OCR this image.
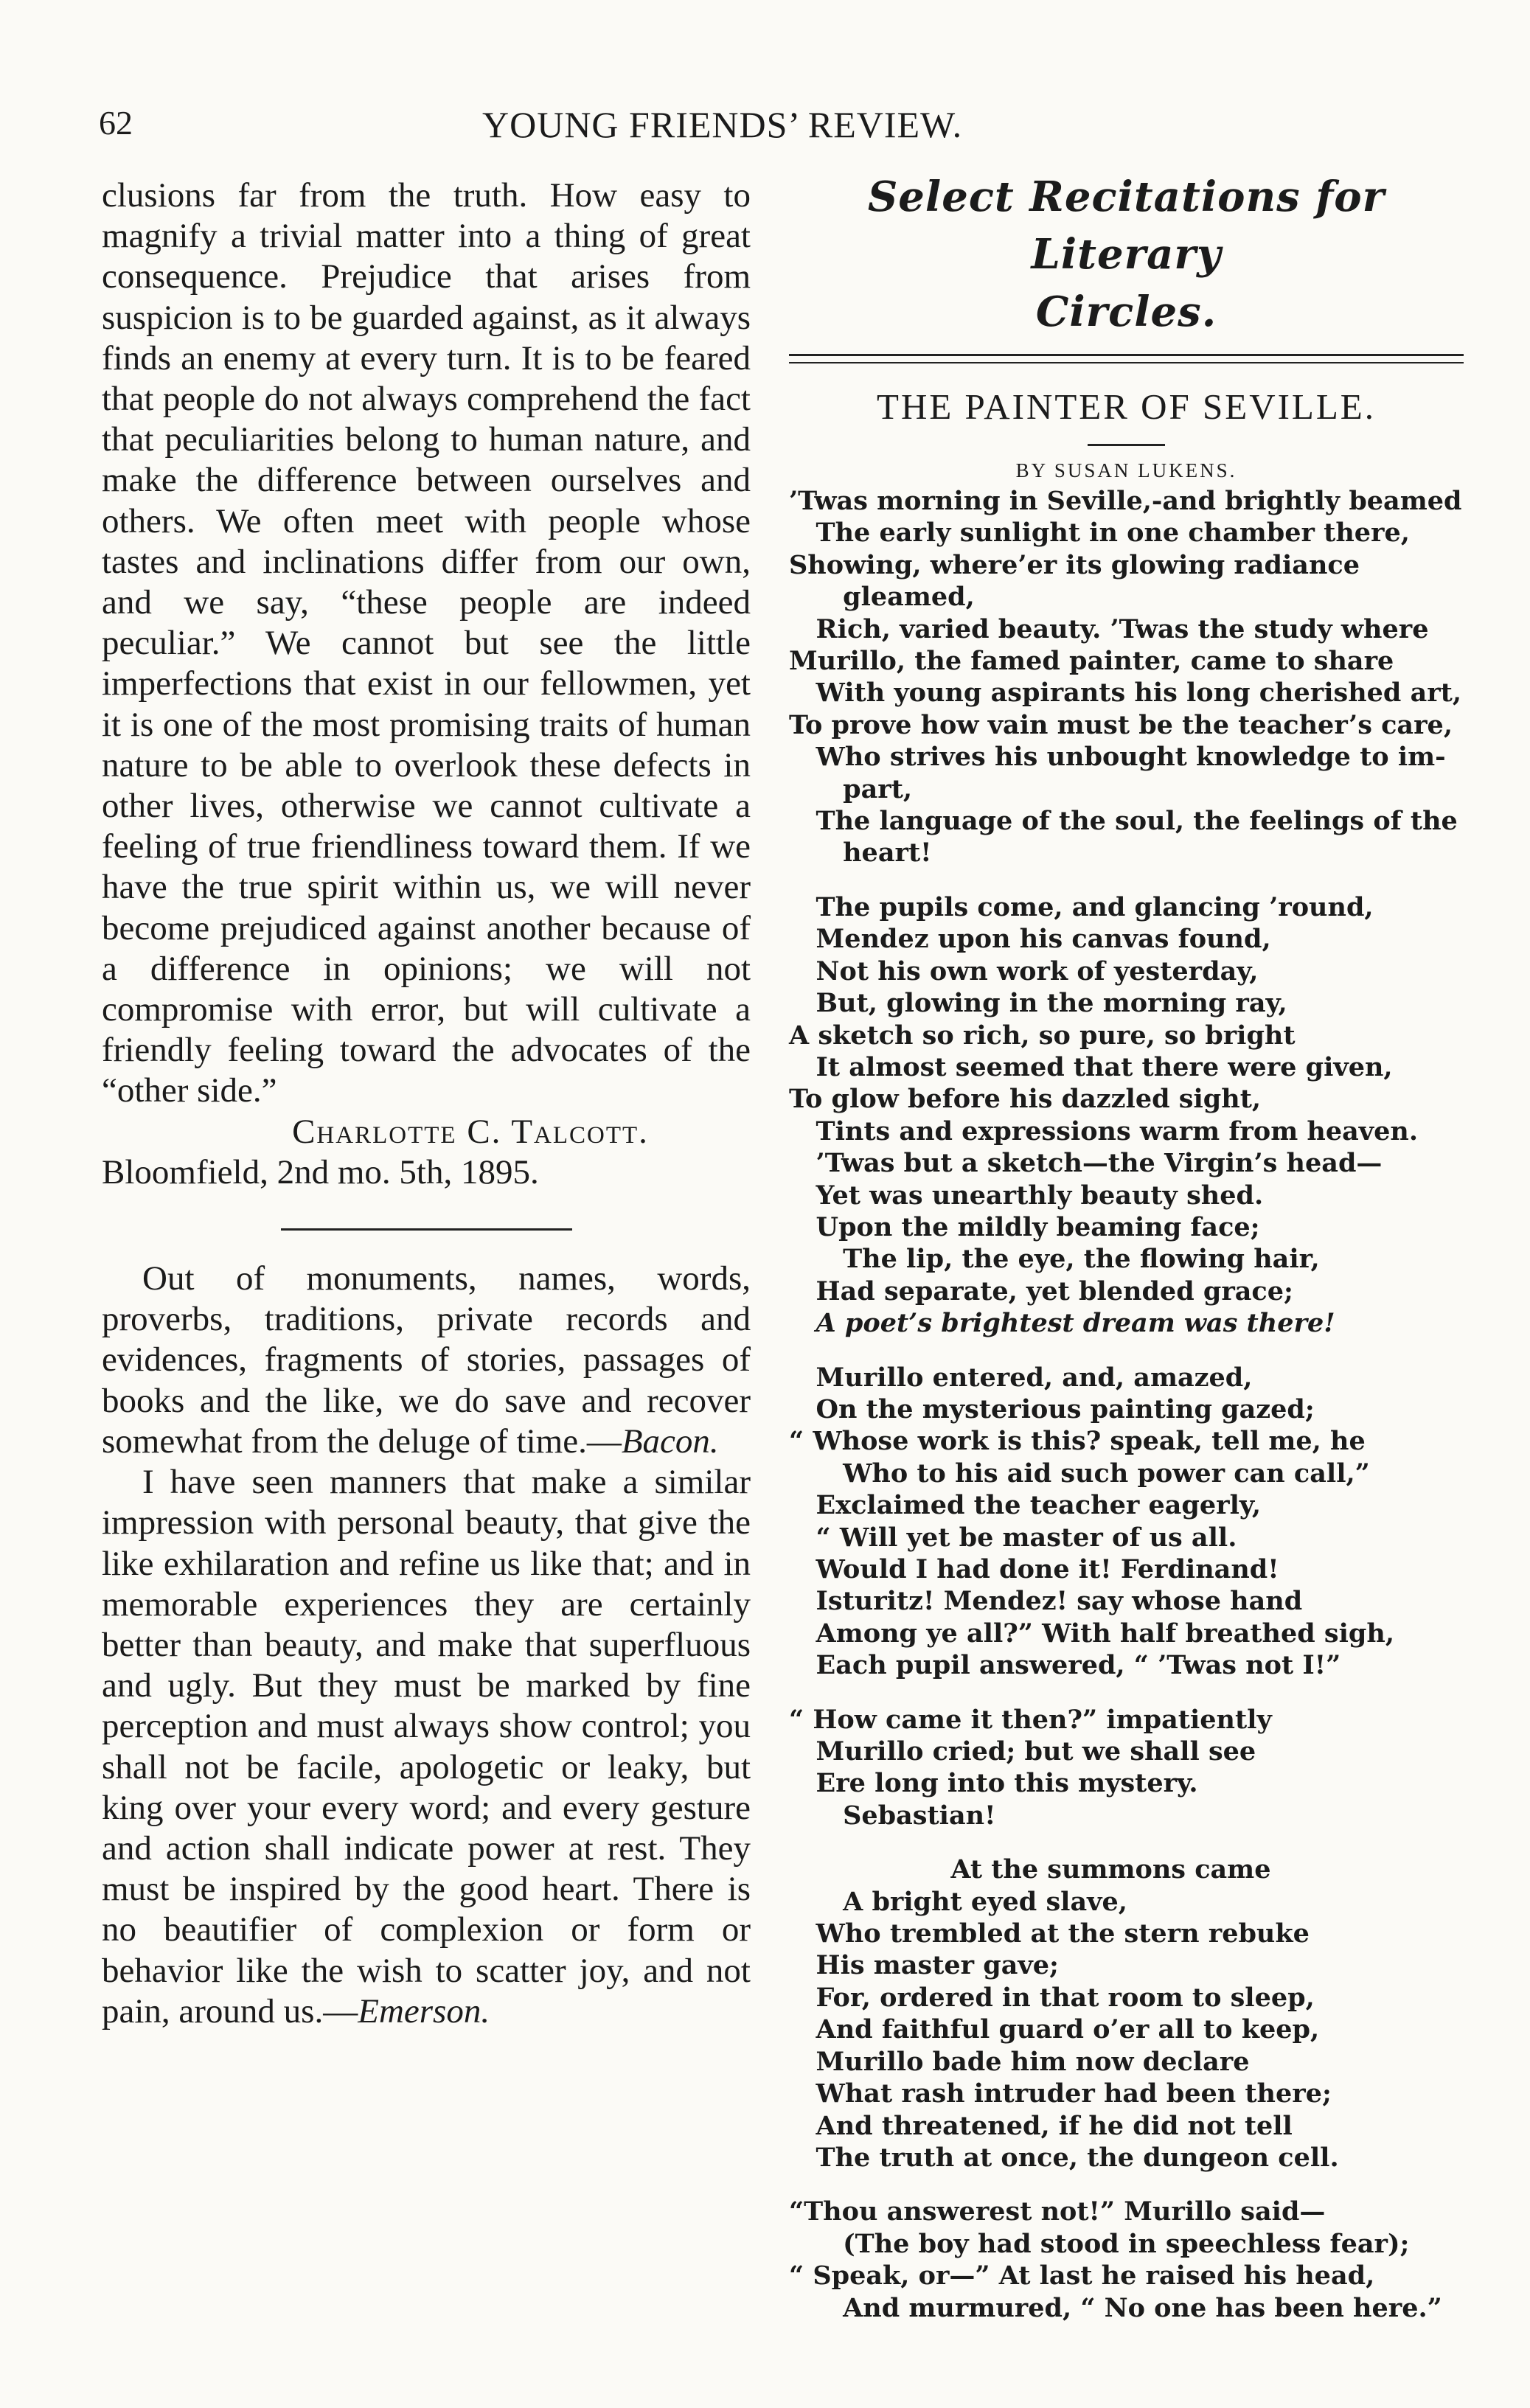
62	YOUNG FRIENDS’ REVIEW.

clusions far from the truth. How easy to magnify a trivial matter into a thing of great consequence. Prejudice that arises from suspicion is to be guarded against, as it always finds an enemy at every turn. It is to be feared that people do not always comprehend the fact that peculiarities belong to human nature, and make the difference between ourselves and others. We often meet with people whose tastes and inclinations differ from our own, and we say, “these people are indeed peculiar.” We cannot but see the little imperfections that exist in our fellowmen, yet it is one of the most promising traits of human nature to be able to overlook these defects in other lives, otherwise we cannot cultivate a feeling of true friendliness toward them. If we have the true spirit within us, we will never become prejudiced against another because of a difference in opinions; we will not compromise with error, but will cultivate a friendly feeling toward the advocates of the “other side.”

Charlotte C. Talcott.

Bloomfield, 2nd mo. 5th, 1895.

Out of monuments, names, words, proverbs, traditions, private records and evidences, fragments of stories, passages of books and the like, we do save and recover somewhat from the deluge of time.—Bacon.

I have seen manners that make a similar impression with personal beauty, that give the like exhilaration and refine us like that; and in memorable experiences they are certainly better than beauty, and make that superfluous and ugly. But they must be marked by fine perception and must always show control; you shall not be facile, apologetic or leaky, but king over your every word; and every gesture and action shall indicate power at rest. They must be inspired by the good heart. There is no beautifier of complexion or form or behavior like the wish to scatter joy, and not pain, around us.—Emerson.

Select Recitations for Literary
Circles.
THE PAINTER OF SEVILLE.
BY SUSAN LUKENS.
’Twas morning in Seville,-and brightly beamed
The early sunlight in one chamber there,
Showing, where’er its glowing radiance
gleamed,
Rich, varied beauty. ’Twas the study where
Murillo, the famed painter, came to share
With young aspirants his long cherished art,
To prove how vain must be the teacher’s care,
Who strives his unbought knowledge to im-
part,
The language of the soul, the feelings of the
heart!
The pupils come, and glancing ’round,
Mendez upon his canvas found,
Not his own work of yesterday,
But, glowing in the morning ray,
A sketch so rich, so pure, so bright
It almost seemed that there were given,
To glow before his dazzled sight,
Tints and expressions warm from heaven.
’Twas but a sketch—the Virgin’s head—
Yet was unearthly beauty shed.
Upon the mildly beaming face;
The lip, the eye, the flowing hair,
Had separate, yet blended grace;
A poet’s brightest dream was there!
Murillo entered, and, amazed,
On the mysterious painting gazed;
“ Whose work is this? speak, tell me, he
Who to his aid such power can call,”
Exclaimed the teacher eagerly,
“ Will yet be master of us all.
Would I had done it! Ferdinand!
Isturitz! Mendez! say whose hand
Among ye all?” With half breathed sigh,
Each pupil answered, “ ’Twas not I!”
“ How came it then?” impatiently
Murillo cried; but we shall see
Ere long into this mystery.
Sebastian!
At the summons came
A bright eyed slave,
Who trembled at the stern rebuke
His master gave;
For, ordered in that room to sleep,
And faithful guard o’er all to keep,
Murillo bade him now declare
What rash intruder had been there;
And threatened, if he did not tell
The truth at once, the dungeon cell.
“Thou answerest not!” Murillo said—
(The boy had stood in speechless fear);
“ Speak, or—” At last he raised his head,
And murmured, “ No one has been here.”
